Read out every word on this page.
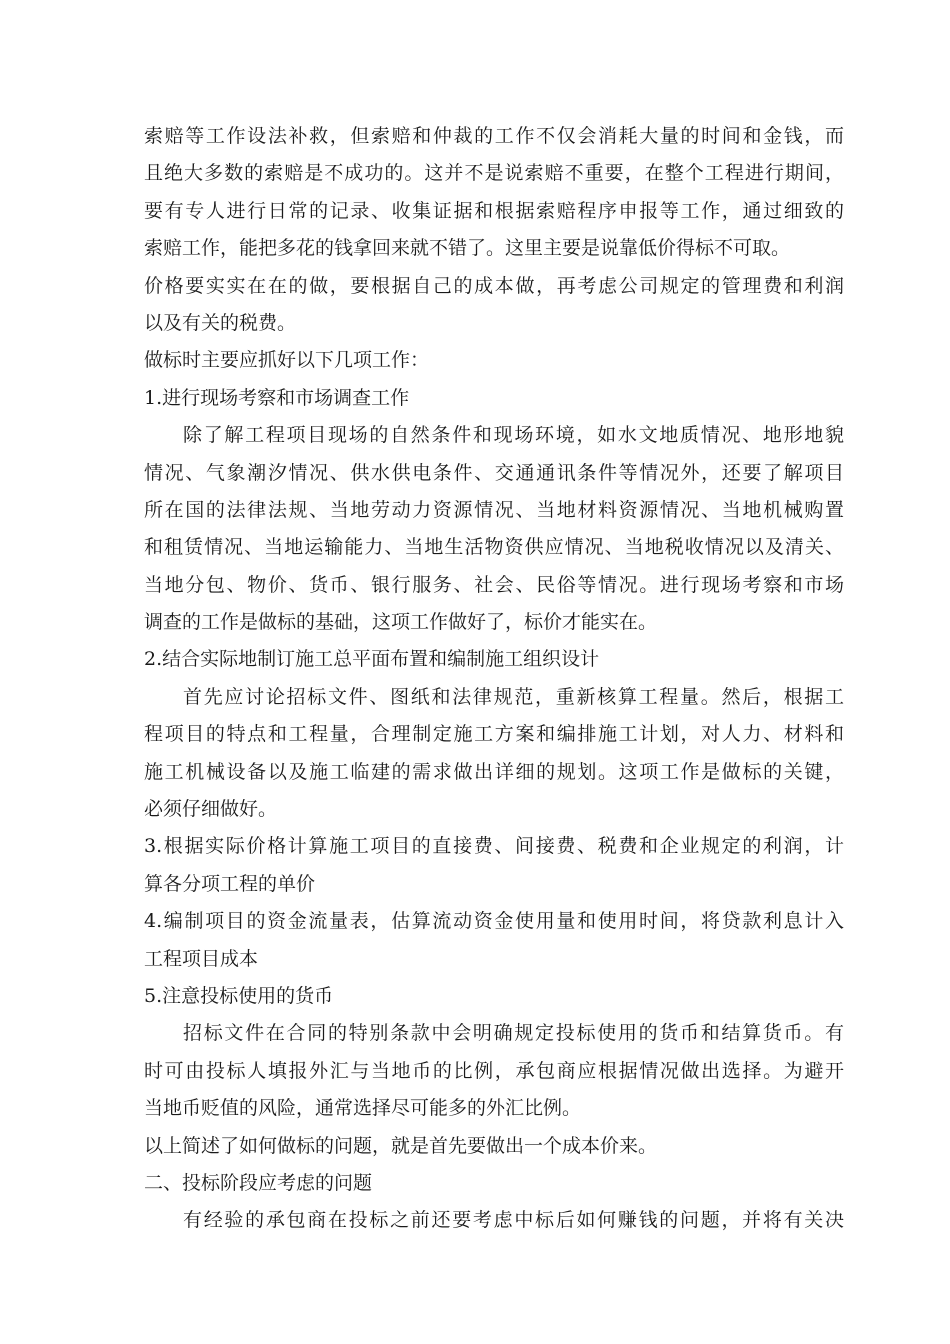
索赔等工作设法补救，但索赔和仲裁的工作不仅会消耗大量的时间和金钱，而
且绝大多数的索赔是不成功的。这并不是说索赔不重要，在整个工程进行期间，
要有专人进行日常的记录、收集证据和根据索赔程序申报等工作，通过细致的
索赔工作，能把多花的钱拿回来就不错了。这里主要是说靠低价得标不可取。
价格要实实在在的做，要根据自己的成本做，再考虑公司规定的管理费和利润
以及有关的税费。
做标时主要应抓好以下几项工作：
1.进行现场考察和市场调查工作
除了解工程项目现场的自然条件和现场环境，如水文地质情况、地形地貌
情况、气象潮汐情况、供水供电条件、交通通讯条件等情况外，还要了解项目
所在国的法律法规、当地劳动力资源情况、当地材料资源情况、当地机械购置
和租赁情况、当地运输能力、当地生活物资供应情况、当地税收情况以及清关、
当地分包、物价、货币、银行服务、社会、民俗等情况。进行现场考察和市场
调查的工作是做标的基础，这项工作做好了，标价才能实在。
2.结合实际地制订施工总平面布置和编制施工组织设计
首先应讨论招标文件、图纸和法律规范，重新核算工程量。然后，根据工
程项目的特点和工程量，合理制定施工方案和编排施工计划，对人力、材料和
施工机械设备以及施工临建的需求做出详细的规划。这项工作是做标的关键，
必须仔细做好。
3.根据实际价格计算施工项目的直接费、间接费、税费和企业规定的利润，计
算各分项工程的单价
4.编制项目的资金流量表，估算流动资金使用量和使用时间，将贷款利息计入
工程项目成本
5.注意投标使用的货币
招标文件在合同的特别条款中会明确规定投标使用的货币和结算货币。有
时可由投标人填报外汇与当地币的比例，承包商应根据情况做出选择。为避开
当地币贬值的风险，通常选择尽可能多的外汇比例。
以上简述了如何做标的问题，就是首先要做出一个成本价来。
二、投标阶段应考虑的问题
有经验的承包商在投标之前还要考虑中标后如何赚钱的问题，并将有关决
